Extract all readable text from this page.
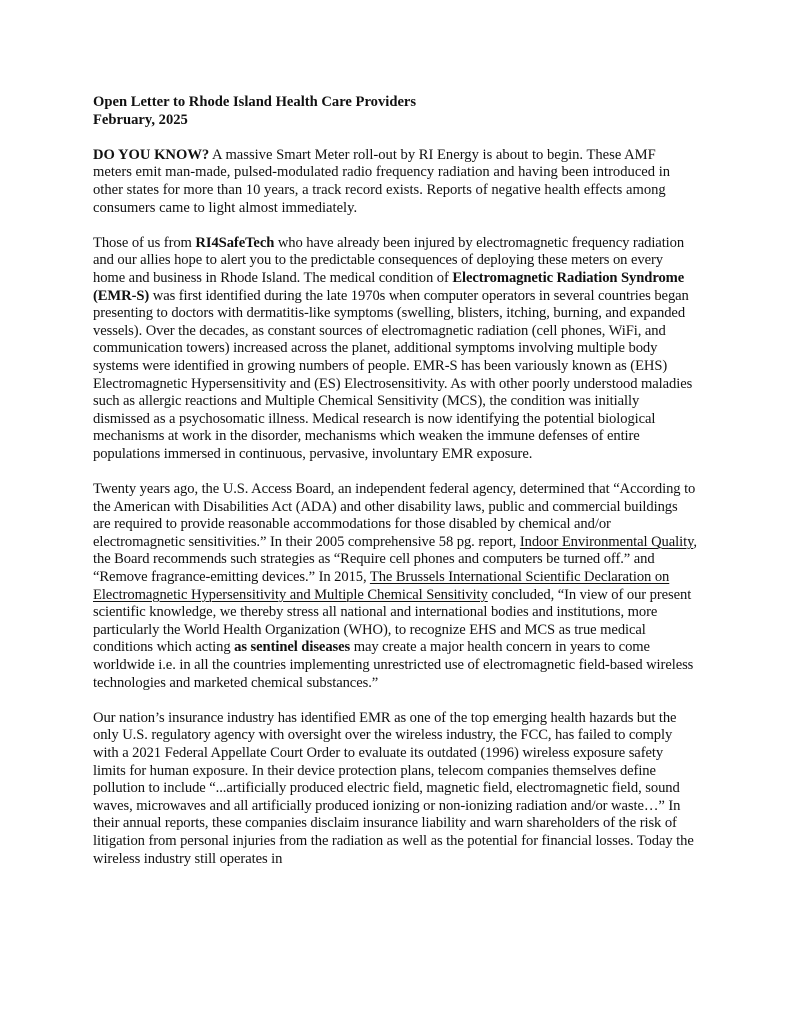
Open Letter to Rhode Island Health Care Providers
February, 2025

DO YOU KNOW? A massive Smart Meter roll-out by RI Energy is about to begin. These AMF meters emit man-made, pulsed-modulated radio frequency radiation and having been introduced in other states for more than 10 years, a track record exists. Reports of negative health effects among consumers came to light almost immediately.

Those of us from RI4SafeTech who have already been injured by electromagnetic frequency radiation and our allies hope to alert you to the predictable consequences of deploying these meters on every home and business in Rhode Island. The medical condition of Electromagnetic Radiation Syndrome (EMR-S) was first identified during the late 1970s when computer operators in several countries began presenting to doctors with dermatitis-like symptoms (swelling, blisters, itching, burning, and expanded vessels). Over the decades, as constant sources of electromagnetic radiation (cell phones, WiFi, and communication towers) increased across the planet, additional symptoms involving multiple body systems were identified in growing numbers of people. EMR-S has been variously known as (EHS) Electromagnetic Hypersensitivity and (ES) Electrosensitivity. As with other poorly understood maladies such as allergic reactions and Multiple Chemical Sensitivity (MCS), the condition was initially dismissed as a psychosomatic illness. Medical research is now identifying the potential biological mechanisms at work in the disorder, mechanisms which weaken the immune defenses of entire populations immersed in continuous, pervasive, involuntary EMR exposure.

Twenty years ago, the U.S. Access Board, an independent federal agency, determined that “According to the American with Disabilities Act (ADA) and other disability laws, public and commercial buildings are required to provide reasonable accommodations for those disabled by chemical and/or electromagnetic sensitivities.” In their 2005 comprehensive 58 pg. report, Indoor Environmental Quality, the Board recommends such strategies as “Require cell phones and computers be turned off.” and “Remove fragrance-emitting devices.” In 2015, The Brussels International Scientific Declaration on Electromagnetic Hypersensitivity and Multiple Chemical Sensitivity concluded, “In view of our present scientific knowledge, we thereby stress all national and international bodies and institutions, more particularly the World Health Organization (WHO), to recognize EHS and MCS as true medical conditions which acting as sentinel diseases may create a major health concern in years to come worldwide i.e. in all the countries implementing unrestricted use of electromagnetic field-based wireless technologies and marketed chemical substances.”

Our nation’s insurance industry has identified EMR as one of the top emerging health hazards but the only U.S. regulatory agency with oversight over the wireless industry, the FCC, has failed to comply with a 2021 Federal Appellate Court Order to evaluate its outdated (1996) wireless exposure safety limits for human exposure. In their device protection plans, telecom companies themselves define pollution to include “...artificially produced electric field, magnetic field, electromagnetic field, sound waves, microwaves and all artificially produced ionizing or non-ionizing radiation and/or waste…” In their annual reports, these companies disclaim insurance liability and warn shareholders of the risk of litigation from personal injuries from the radiation as well as the potential for financial losses. Today the wireless industry still operates in
